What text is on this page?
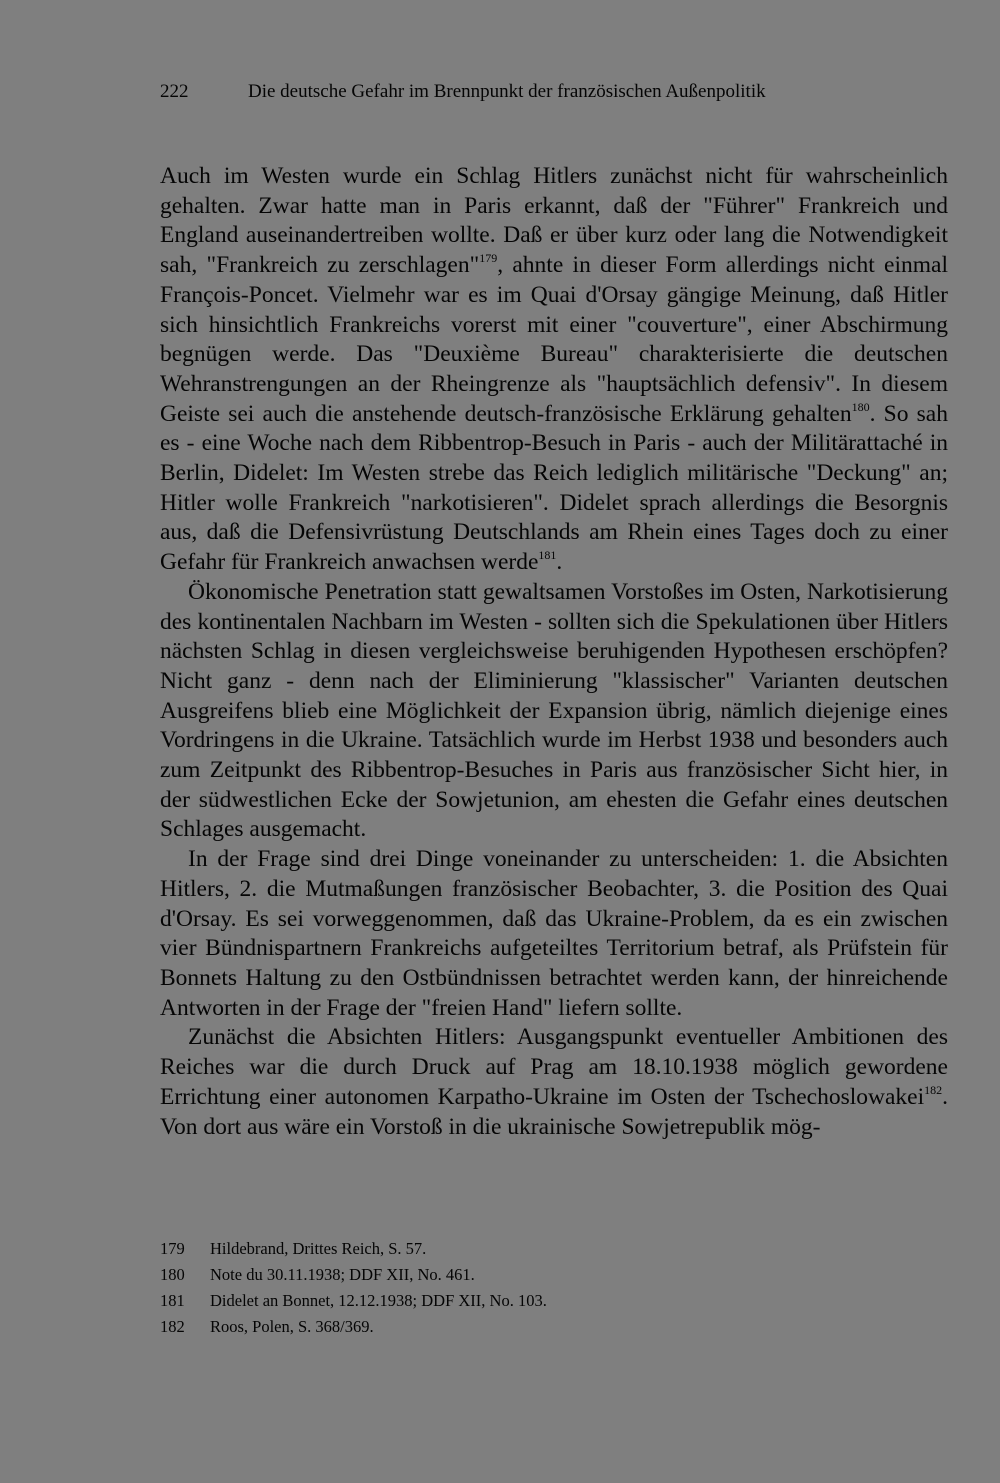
222	Die deutsche Gefahr im Brennpunkt der französischen Außenpolitik

Auch im Westen wurde ein Schlag Hitlers zunächst nicht für wahrscheinlich gehalten. Zwar hatte man in Paris erkannt, daß der "Führer" Frankreich und England auseinandertreiben wollte. Daß er über kurz oder lang die Notwendigkeit sah, "Frankreich zu zerschlagen"$^{179}$, ahnte in dieser Form allerdings nicht einmal François-Poncet. Vielmehr war es im Quai d'Orsay gängige Meinung, daß Hitler sich hinsichtlich Frankreichs vorerst mit einer "couverture", einer Abschirmung begnügen werde. Das "Deuxième Bureau" charakterisierte die deutschen Wehranstrengungen an der Rheingrenze als "hauptsächlich defensiv". In diesem Geiste sei auch die anstehende deutsch-französische Erklärung gehalten$^{180}$. So sah es - eine Woche nach dem Ribbentrop-Besuch in Paris - auch der Militärattaché in Berlin, Didelet: Im Westen strebe das Reich lediglich militärische "Deckung" an; Hitler wolle Frankreich "narkotisieren". Didelet sprach allerdings die Besorgnis aus, daß die Defensivrüstung Deutschlands am Rhein eines Tages doch zu einer Gefahr für Frankreich anwachsen werde$^{181}$.

Ökonomische Penetration statt gewaltsamen Vorstoßes im Osten, Narkotisierung des kontinentalen Nachbarn im Westen - sollten sich die Spekulationen über Hitlers nächsten Schlag in diesen vergleichsweise beruhigenden Hypothesen erschöpfen? Nicht ganz - denn nach der Eliminierung "klassischer" Varianten deutschen Ausgreifens blieb eine Möglichkeit der Expansion übrig, nämlich diejenige eines Vordringens in die Ukraine. Tatsächlich wurde im Herbst 1938 und besonders auch zum Zeitpunkt des Ribbentrop-Besuches in Paris aus französischer Sicht hier, in der südwestlichen Ecke der Sowjetunion, am ehesten die Gefahr eines deutschen Schlages ausgemacht.

In der Frage sind drei Dinge voneinander zu unterscheiden: 1. die Absichten Hitlers, 2. die Mutmaßungen französischer Beobachter, 3. die Position des Quai d'Orsay. Es sei vorweggenommen, daß das Ukraine-Problem, da es ein zwischen vier Bündnispartnern Frankreichs aufgeteiltes Territorium betraf, als Prüfstein für Bonnets Haltung zu den Ostbündnissen betrachtet werden kann, der hinreichende Antworten in der Frage der "freien Hand" liefern sollte.

Zunächst die Absichten Hitlers: Ausgangspunkt eventueller Ambitionen des Reiches war die durch Druck auf Prag am 18.10.1938 möglich gewordene Errichtung einer autonomen Karpatho-Ukraine im Osten der Tschechoslowakei$^{182}$. Von dort aus wäre ein Vorstoß in die ukrainische Sowjetrepublik mög-

179	Hildebrand, Drittes Reich, S. 57.
180	Note du 30.11.1938; DDF XII, No. 461.
181	Didelet an Bonnet, 12.12.1938; DDF XII, No. 103.
182	Roos, Polen, S. 368/369.
